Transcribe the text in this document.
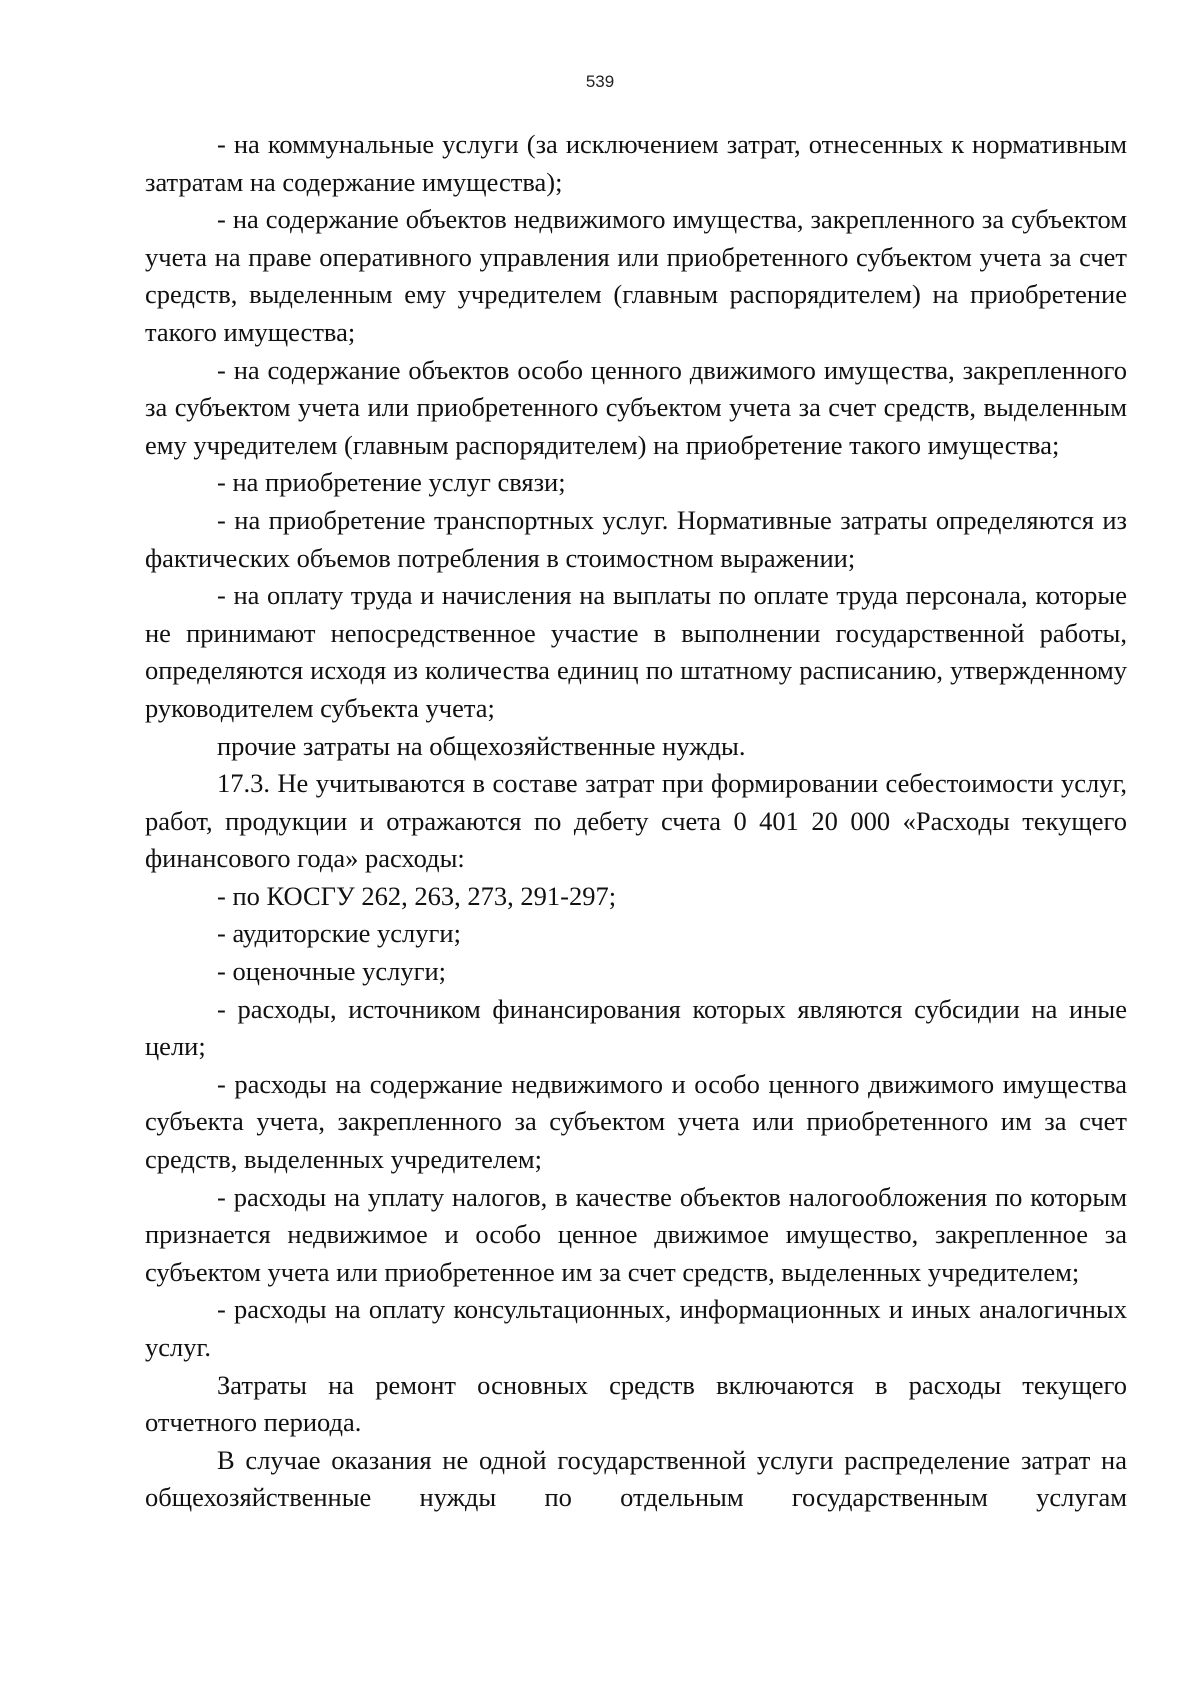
539

- на коммунальные услуги (за исключением затрат, отнесенных к нормативным затратам на содержание имущества);

- на содержание объектов недвижимого имущества, закрепленного за субъектом учета на праве оперативного управления или приобретенного субъектом учета за счет средств, выделенным ему учредителем (главным распорядителем) на приобретение такого имущества;

- на содержание объектов особо ценного движимого имущества, закрепленного за субъектом учета или приобретенного субъектом учета за счет средств, выделенным ему учредителем (главным распорядителем) на приобретение такого имущества;

- на приобретение услуг связи;

- на приобретение транспортных услуг. Нормативные затраты определяются из фактических объемов потребления в стоимостном выражении;

- на оплату труда и начисления на выплаты по оплате труда персонала, которые не принимают непосредственное участие в выполнении государственной работы, определяются исходя из количества единиц по штатному расписанию, утвержденному руководителем субъекта учета;

прочие затраты на общехозяйственные нужды.

17.3. Не учитываются в составе затрат при формировании себестоимости услуг, работ, продукции и отражаются по дебету счета 0 401 20 000 «Расходы текущего финансового года» расходы:

- по КОСГУ 262, 263, 273, 291-297;

- аудиторские услуги;

- оценочные услуги;

- расходы, источником финансирования которых являются субсидии на иные цели;

- расходы на содержание недвижимого и особо ценного движимого имущества субъекта учета, закрепленного за субъектом учета или приобретенного им за счет средств, выделенных учредителем;

- расходы на уплату налогов, в качестве объектов налогообложения по которым признается недвижимое и особо ценное движимое имущество, закрепленное за субъектом учета или приобретенное им за счет средств, выделенных учредителем;

- расходы на оплату консультационных, информационных и иных аналогичных услуг.

Затраты на ремонт основных средств включаются в расходы текущего отчетного периода.

В случае оказания не одной государственной услуги распределение затрат на общехозяйственные нужды по отдельным государственным услугам
